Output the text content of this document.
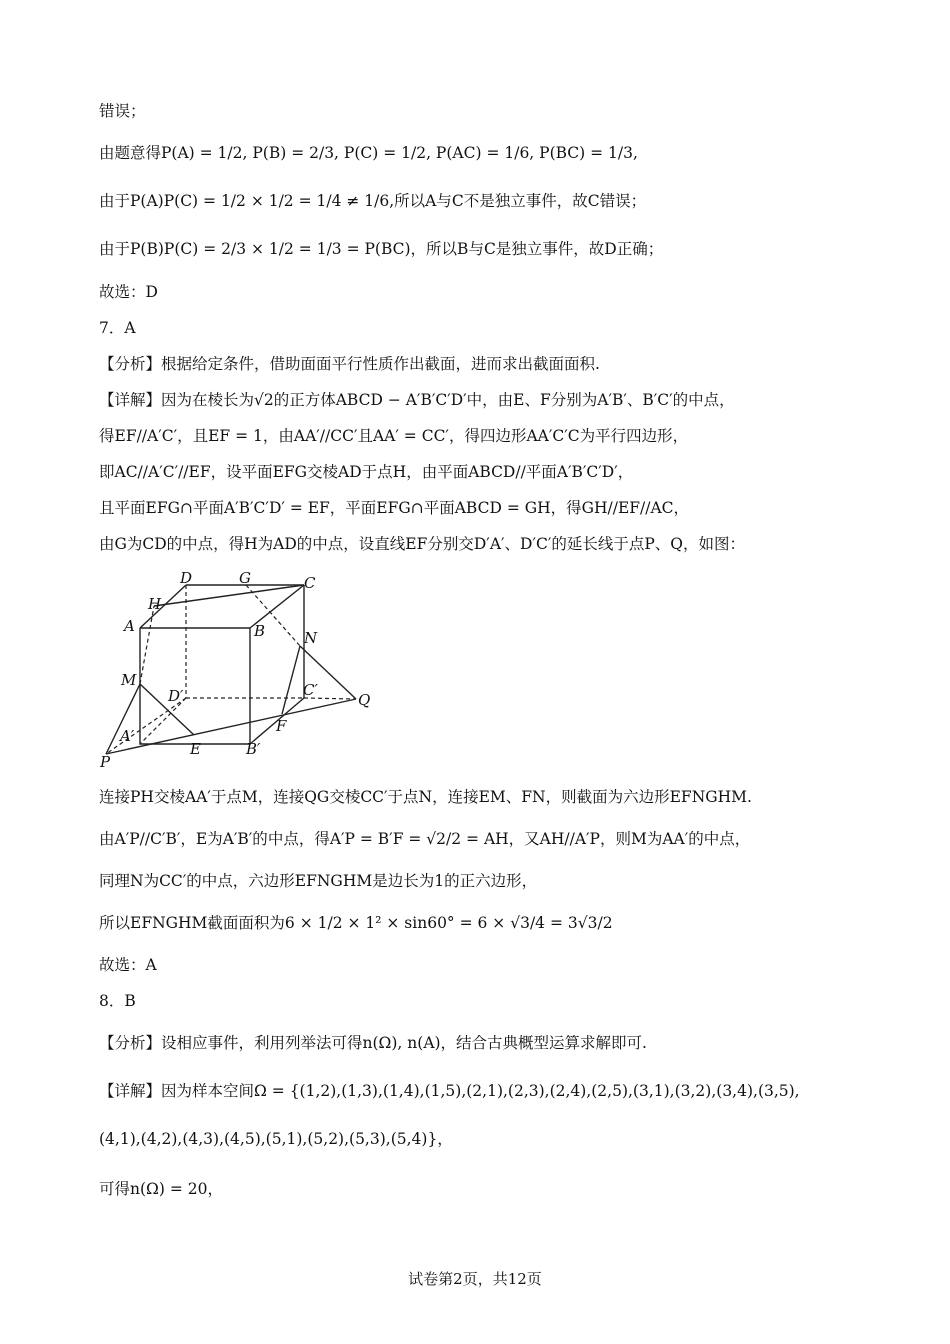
错误；
由题意得P(A) = 1/2, P(B) = 2/3, P(C) = 1/2, P(AC) = 1/6, P(BC) = 1/3,
由于P(A)P(C) = 1/2 × 1/2 = 1/4 ≠ 1/6,所以A与C不是独立事件，故C错误；
由于P(B)P(C) = 2/3 × 1/2 = 1/3 = P(BC)，所以B与C是独立事件，故D正确；
故选：D
7．A
【分析】根据给定条件，借助面面平行性质作出截面，进而求出截面面积.
【详解】因为在棱长为√2的正方体ABCD − A′B′C′D′中，由E、F分别为A′B′、B′C′的中点，
得EF//A′C′，且EF = 1，由AA′//CC′且AA′ = CC′，得四边形AA′C′C为平行四边形，
即AC//A′C′//EF，设平面EFG交棱AD于点H，由平面ABCD//平面A′B′C′D′，
且平面EFG∩平面A′B′C′D′ = EF，平面EFG∩平面ABCD = GH，得GH//EF//AC，
由G为CD的中点，得H为AD的中点，设直线EF分别交D′A′、D′C′的延长线于点P、Q，如图：
D	G	C
H
A	B	N
M
D′	C′
Q
F
A′
E	B′
P
连接PH交棱AA′于点M，连接QG交棱CC′于点N，连接EM、FN，则截面为六边形EFNGHM.
由A′P//C′B′，E为A′B′的中点，得A′P = B′F = √2/2 = AH，又AH//A′P，则M为AA′的中点，
同理N为CC′的中点，六边形EFNGHM是边长为1的正六边形，
所以EFNGHM截面面积为6 × 1/2 × 1² × sin60° = 6 × √3/4 = 3√3/2
故选：A
8．B
【分析】设相应事件，利用列举法可得n(Ω), n(A)，结合古典概型运算求解即可.
【详解】因为样本空间Ω = {(1,2),(1,3),(1,4),(1,5),(2,1),(2,3),(2,4),(2,5),(3,1),(3,2),(3,4),(3,5),
(4,1),(4,2),(4,3),(4,5),(5,1),(5,2),(5,3),(5,4)}，
可得n(Ω) = 20，
试卷第2页，共12页
